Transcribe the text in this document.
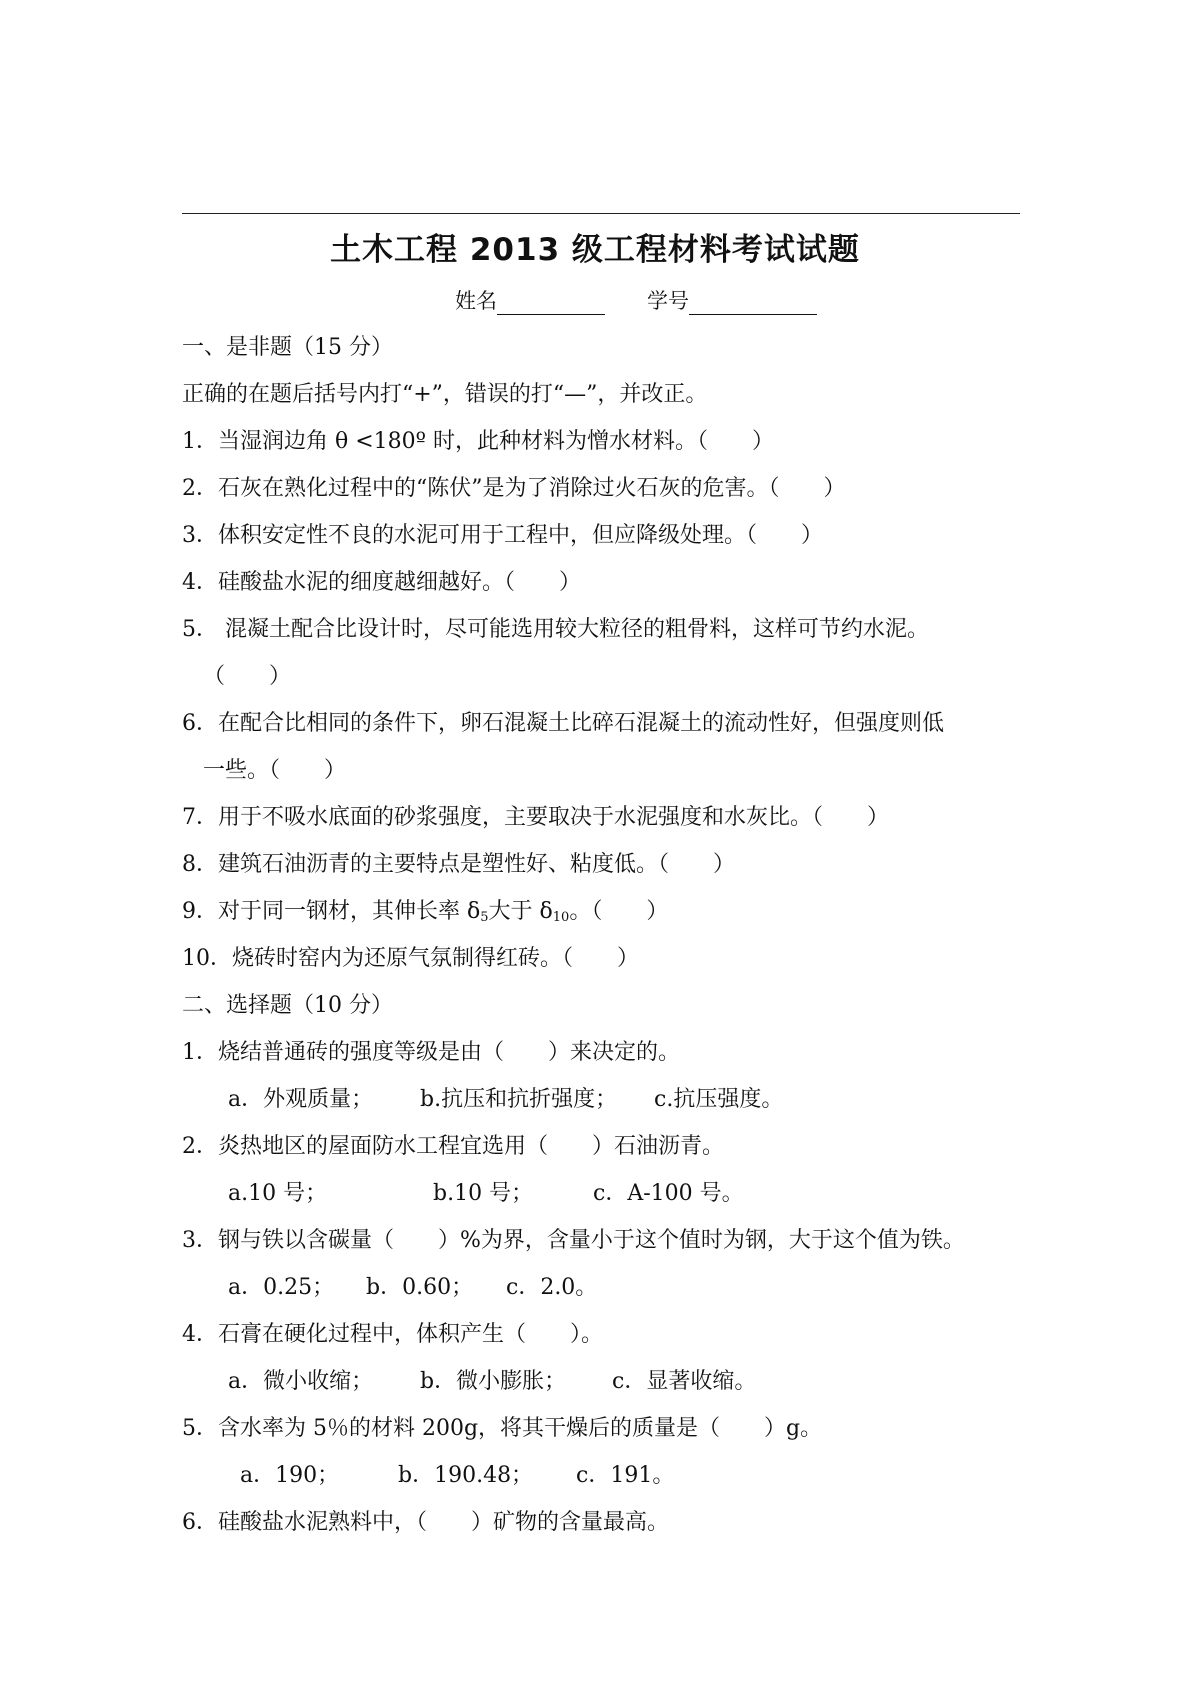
土木工程 2013 级工程材料考试试题
姓名	学号
一、是非题（15 分）
正确的在题后括号内打“+”，错误的打“—”，并改正。
1．当湿润边角 θ <180º 时，此种材料为憎水材料。（　　）
2．石灰在熟化过程中的“陈伏”是为了消除过火石灰的危害。（　　）
3．体积安定性不良的水泥可用于工程中，但应降级处理。（　　）
4．硅酸盐水泥的细度越细越好。（　　）
5． 混凝土配合比设计时，尽可能选用较大粒径的粗骨料，这样可节约水泥。
（　　）
6．在配合比相同的条件下，卵石混凝土比碎石混凝土的流动性好，但强度则低
一些。（　　）
7．用于不吸水底面的砂浆强度，主要取决于水泥强度和水灰比。（　　）
8．建筑石油沥青的主要特点是塑性好、粘度低。（　　）
9．对于同一钢材，其伸长率 $\delta_5$大于 $\delta_{10}$。（　　）
10．烧砖时窑内为还原气氛制得红砖。（　　）
二、选择题（10 分）
1．烧结普通砖的强度等级是由（　　）来决定的。
a．外观质量； b.抗压和抗折强度； c.抗压强度。
2．炎热地区的屋面防水工程宜选用（　　）石油沥青。
a.10 号；	b.10 号；	c．A-100 号。
3．钢与铁以含碳量（　　）%为界，含量小于这个值时为钢，大于这个值为铁。
a．0.25； b．0.60； c．2.0。
4．石膏在硬化过程中，体积产生（　　）。
a．微小收缩； b．微小膨胀； c．显著收缩。
5．含水率为 5％的材料 200g，将其干燥后的质量是（　　）g。
a．190；	b．190.48； c．191。
6．硅酸盐水泥熟料中，（　　）矿物的含量最高。
